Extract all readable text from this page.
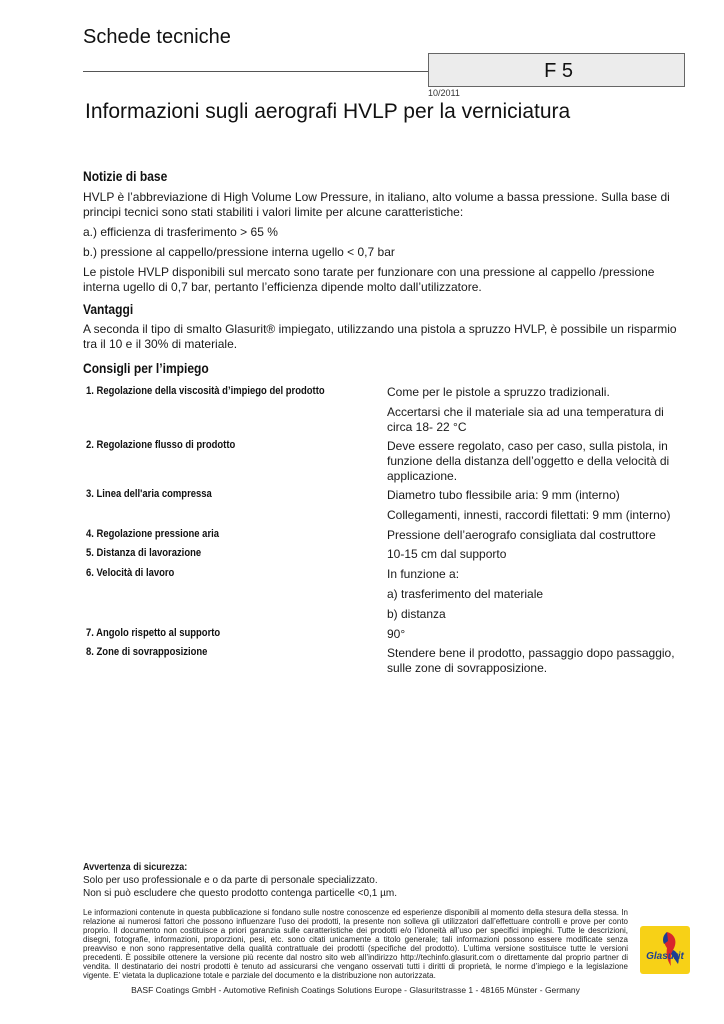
Schede tecniche
F 5
10/2011
Informazioni sugli aerografi HVLP per la verniciatura
Notizie di base
HVLP è l’abbreviazione di High Volume Low Pressure, in italiano, alto volume a bassa pressione. Sulla base di principi tecnici sono stati stabiliti i valori limite per alcune caratteristiche:
a.) efficienza di trasferimento > 65 %
b.) pressione al cappello/pressione interna ugello < 0,7 bar
Le pistole HVLP disponibili sul mercato sono tarate per funzionare con una pressione al cappello /pressione interna ugello di 0,7 bar, pertanto l’efficienza dipende molto dall’utilizzatore.
Vantaggi
A seconda il tipo di smalto Glasurit® impiegato, utilizzando una pistola a spruzzo HVLP, è possibile un risparmio tra il 10 e il 30% di materiale.
Consigli per l’impiego
1. Regolazione della viscosità d’impiego del prodotto	Come per le pistole a spruzzo tradizionali.
Accertarsi che il materiale sia ad una temperatura di circa 18- 22 °C
2. Regolazione flusso di prodotto	Deve essere regolato, caso per caso, sulla pistola, in funzione della distanza dell’oggetto e della velocità di applicazione.
3. Linea dell'aria compressa	Diametro tubo flessibile aria: 9 mm (interno)
Collegamenti, innesti, raccordi filettati: 9 mm (interno)
4. Regolazione pressione aria	Pressione dell’aerografo consigliata dal costruttore
5. Distanza di lavorazione	10-15 cm dal supporto
6. Velocità di lavoro	In funzione a:
a) trasferimento del materiale
b) distanza
7. Angolo rispetto al supporto	90°
8. Zone di sovrapposizione	Stendere bene il prodotto, passaggio dopo passaggio, sulle zone di sovrapposizione.
Avvertenza di sicurezza:
Solo per uso professionale e o da parte di personale specializzato.
Non si può escludere che questo prodotto contenga particelle <0,1 µm.
Le informazioni contenute in questa pubblicazione si fondano sulle nostre conoscenze ed esperienze disponibili al momento della stesura della stessa. In relazione ai numerosi fattori che possono influenzare l’uso dei prodotti, la presente non solleva gli utilizzatori dall’effettuare controlli e prove per conto proprio. Il documento non costituisce a priori garanzia sulle caratteristiche dei prodotti e/o l’idoneità all’uso per specifici impieghi. Tutte le descrizioni, disegni, fotografie, informazioni, proporzioni, pesi, etc. sono citati unicamente a titolo generale; tali informazioni possono essere modificate senza preavviso e non sono rappresentative della qualità contrattuale dei prodotti (specifiche del prodotto). L’ultima versione sostituisce tutte le versioni precedenti. È possibile ottenere la versione più recente dal nostro sito web all’indirizzo http://techinfo.glasurit.com o direttamente dal proprio partner di vendita. Il destinatario dei nostri prodotti è tenuto ad assicurarsi che vengano osservati tutti i diritti di proprietà, le norme d’impiego e la legislazione vigente. E’ vietata la duplicazione totale e parziale del documento e la distribuzione non autorizzata.
BASF Coatings GmbH - Automotive Refinish Coatings Solutions Europe - Glasuritstrasse 1 - 48165 Münster - Germany
Glasurit
